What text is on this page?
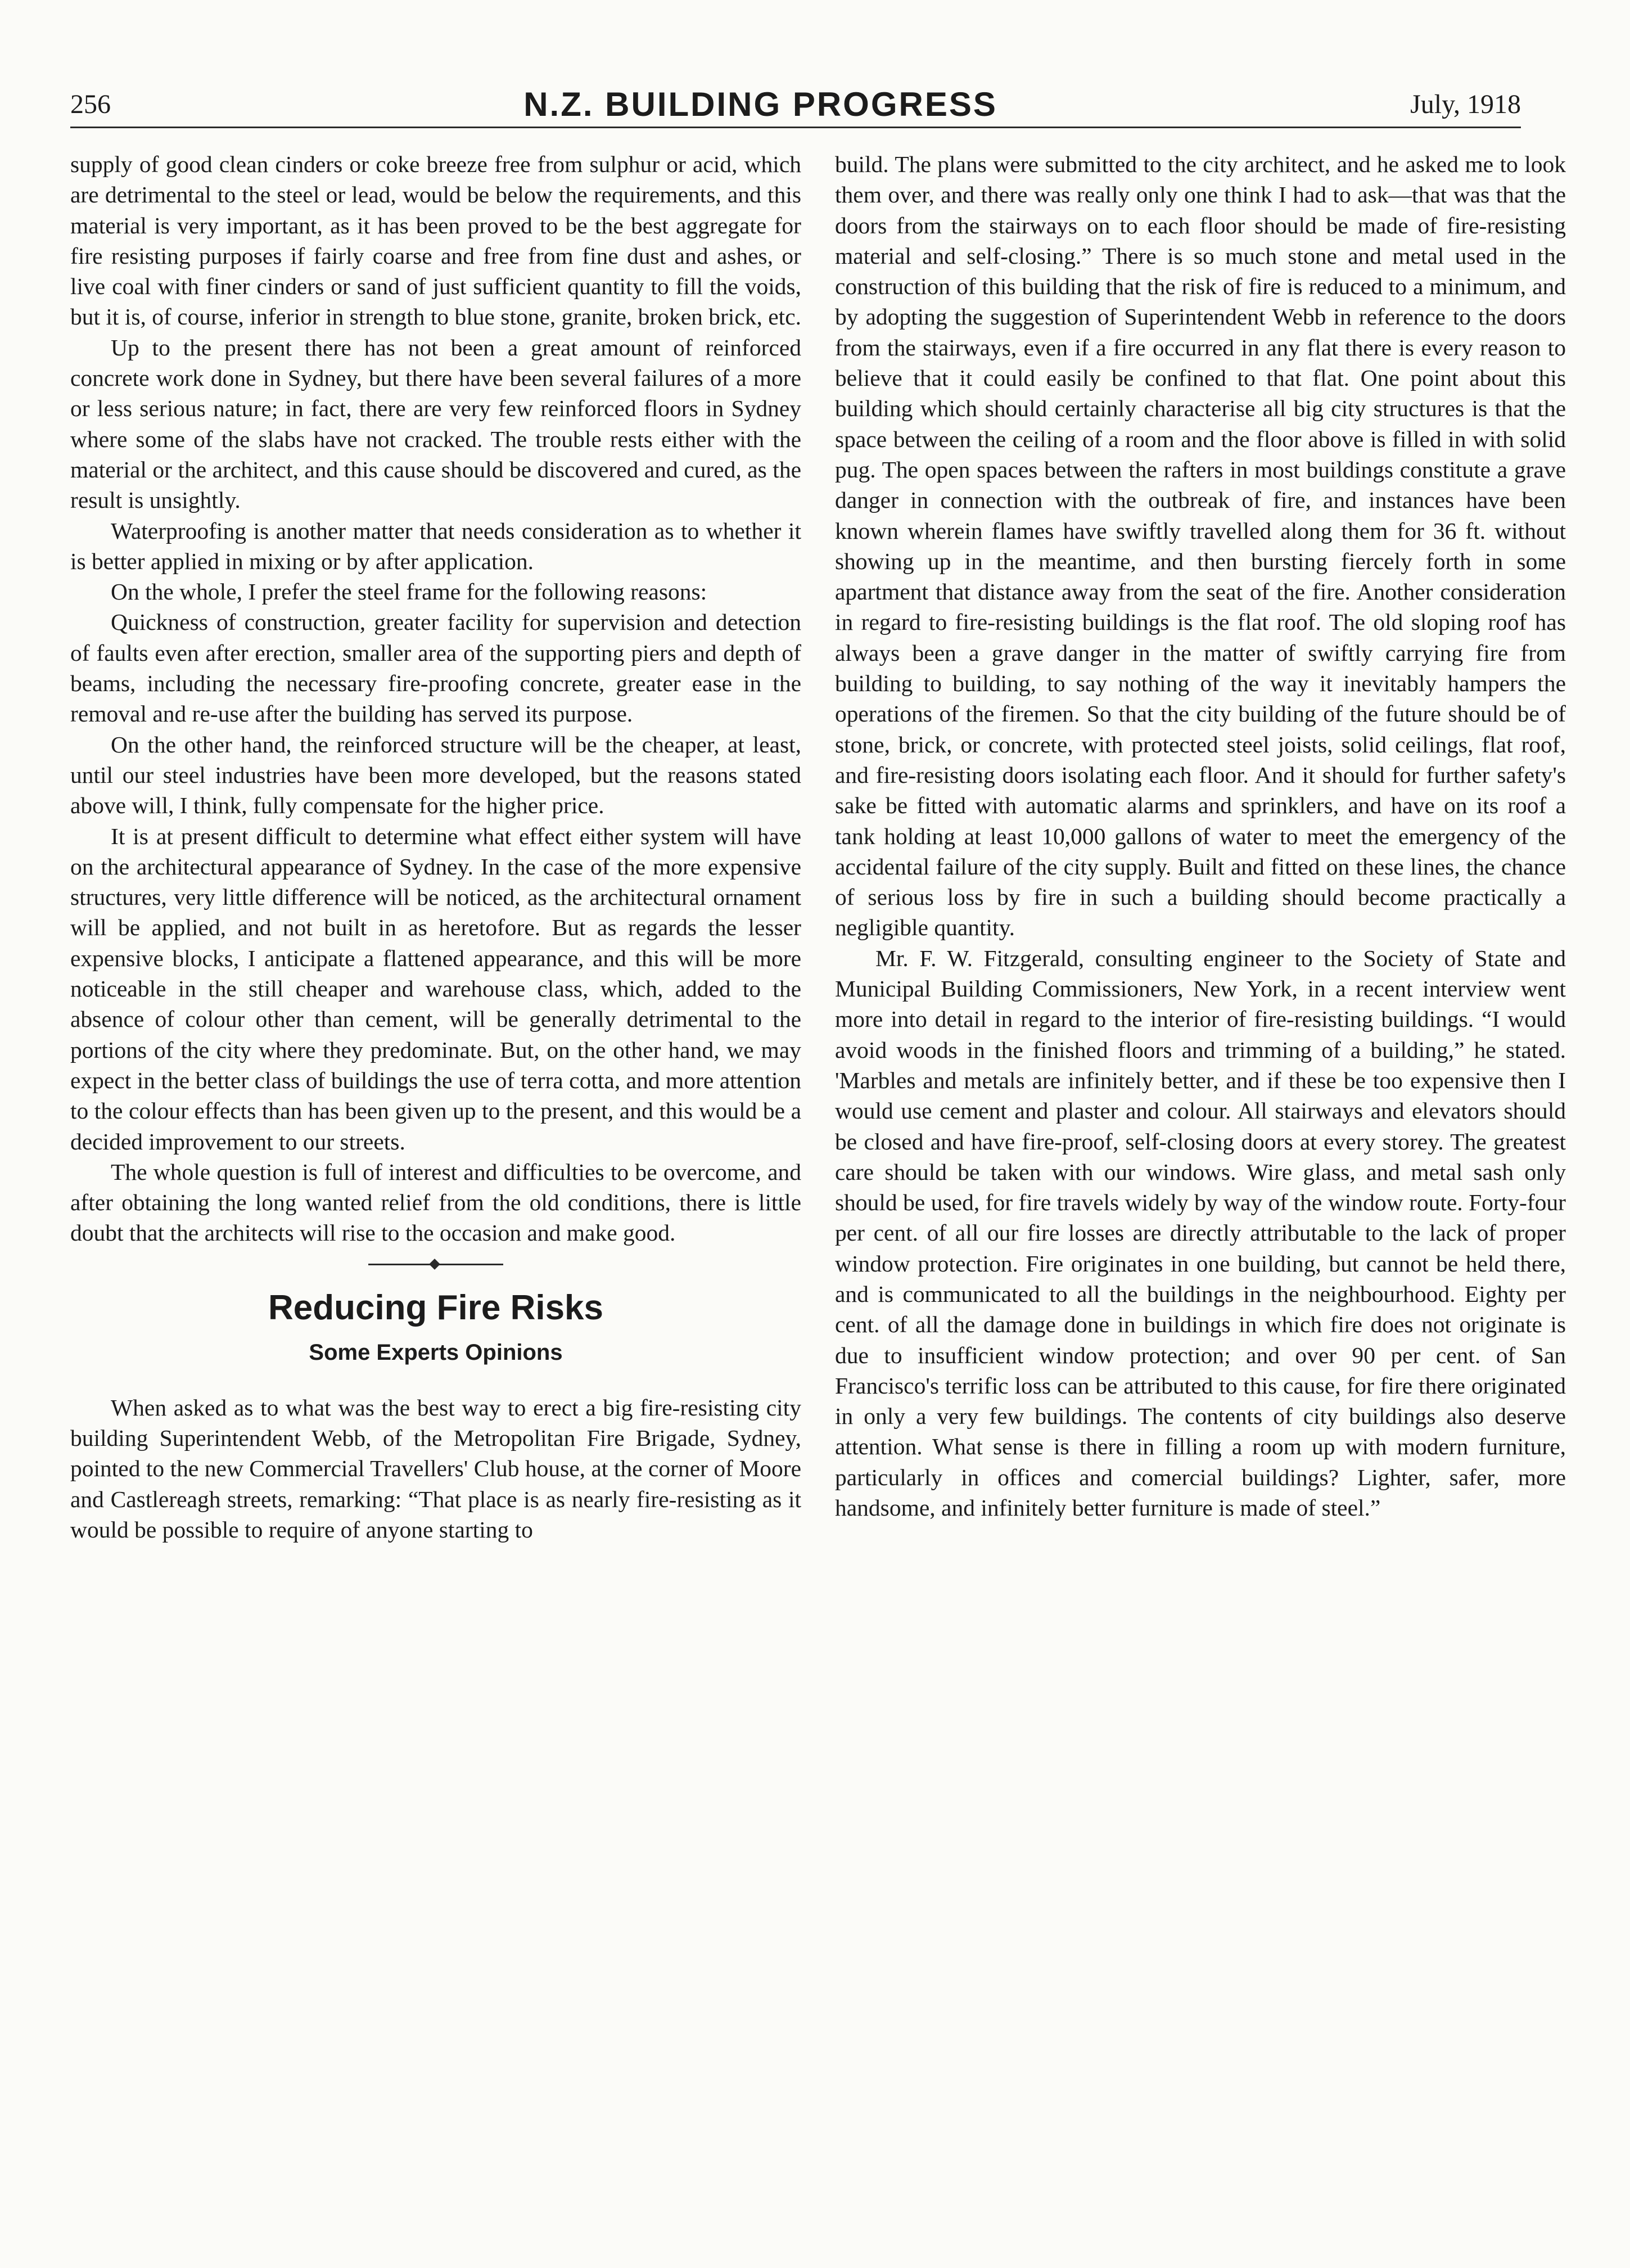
256	N.Z. BUILDING PROGRESS	July, 1918

supply of good clean cinders or coke breeze free from sulphur or acid, which are detrimental to the steel or lead, would be below the requirements, and this material is very important, as it has been proved to be the best aggregate for fire resisting purposes if fairly coarse and free from fine dust and ashes, or live coal with finer cinders or sand of just sufficient quantity to fill the voids, but it is, of course, inferior in strength to blue stone, granite, broken brick, etc.

Up to the present there has not been a great amount of reinforced concrete work done in Sydney, but there have been several failures of a more or less serious nature; in fact, there are very few reinforced floors in Sydney where some of the slabs have not cracked. The trouble rests either with the material or the architect, and this cause should be discovered and cured, as the result is unsightly.

Waterproofing is another matter that needs consideration as to whether it is better applied in mixing or by after application.

On the whole, I prefer the steel frame for the following reasons:

Quickness of construction, greater facility for supervision and detection of faults even after erection, smaller area of the supporting piers and depth of beams, including the necessary fire-proofing concrete, greater ease in the removal and re-use after the building has served its purpose.

On the other hand, the reinforced structure will be the cheaper, at least, until our steel industries have been more developed, but the reasons stated above will, I think, fully compensate for the higher price.

It is at present difficult to determine what effect either system will have on the architectural appearance of Sydney. In the case of the more expensive structures, very little difference will be noticed, as the architectural ornament will be applied, and not built in as heretofore. But as regards the lesser expensive blocks, I anticipate a flattened appearance, and this will be more noticeable in the still cheaper and warehouse class, which, added to the absence of colour other than cement, will be generally detrimental to the portions of the city where they predominate. But, on the other hand, we may expect in the better class of buildings the use of terra cotta, and more attention to the colour effects than has been given up to the present, and this would be a decided improvement to our streets.

The whole question is full of interest and difficulties to be overcome, and after obtaining the long wanted relief from the old conditions, there is little doubt that the architects will rise to the occasion and make good.

Reducing Fire Risks
Some Experts Opinions

When asked as to what was the best way to erect a big fire-resisting city building Superintendent Webb, of the Metropolitan Fire Brigade, Sydney, pointed to the new Commercial Travellers' Club house, at the corner of Moore and Castlereagh streets, remarking: “That place is as nearly fire-resisting as it would be possible to require of anyone starting to

build. The plans were submitted to the city architect, and he asked me to look them over, and there was really only one think I had to ask—that was that the doors from the stairways on to each floor should be made of fire-resisting material and self-closing.” There is so much stone and metal used in the construction of this building that the risk of fire is reduced to a minimum, and by adopting the suggestion of Superintendent Webb in reference to the doors from the stairways, even if a fire occurred in any flat there is every reason to believe that it could easily be confined to that flat. One point about this building which should certainly characterise all big city structures is that the space between the ceiling of a room and the floor above is filled in with solid pug. The open spaces between the rafters in most buildings constitute a grave danger in connection with the outbreak of fire, and instances have been known wherein flames have swiftly travelled along them for 36 ft. without showing up in the meantime, and then bursting fiercely forth in some apartment that distance away from the seat of the fire. Another consideration in regard to fire-resisting buildings is the flat roof. The old sloping roof has always been a grave danger in the matter of swiftly carrying fire from building to building, to say nothing of the way it inevitably hampers the operations of the firemen. So that the city building of the future should be of stone, brick, or concrete, with protected steel joists, solid ceilings, flat roof, and fire-resisting doors isolating each floor. And it should for further safety's sake be fitted with automatic alarms and sprinklers, and have on its roof a tank holding at least 10,000 gallons of water to meet the emergency of the accidental failure of the city supply. Built and fitted on these lines, the chance of serious loss by fire in such a building should become practically a negligible quantity.

Mr. F. W. Fitzgerald, consulting engineer to the Society of State and Municipal Building Commissioners, New York, in a recent interview went more into detail in regard to the interior of fire-resisting buildings. “I would avoid woods in the finished floors and trimming of a building,” he stated. 'Marbles and metals are infinitely better, and if these be too expensive then I would use cement and plaster and colour. All stairways and elevators should be closed and have fire-proof, self-closing doors at every storey. The greatest care should be taken with our windows. Wire glass, and metal sash only should be used, for fire travels widely by way of the window route. Forty-four per cent. of all our fire losses are directly attributable to the lack of proper window protection. Fire originates in one building, but cannot be held there, and is communicated to all the buildings in the neighbourhood. Eighty per cent. of all the damage done in buildings in which fire does not originate is due to insufficient window protection; and over 90 per cent. of San Francisco's terrific loss can be attributed to this cause, for fire there originated in only a very few buildings. The contents of city buildings also deserve attention. What sense is there in filling a room up with modern furniture, particularly in offices and comercial buildings? Lighter, safer, more handsome, and infinitely better furniture is made of steel.”
